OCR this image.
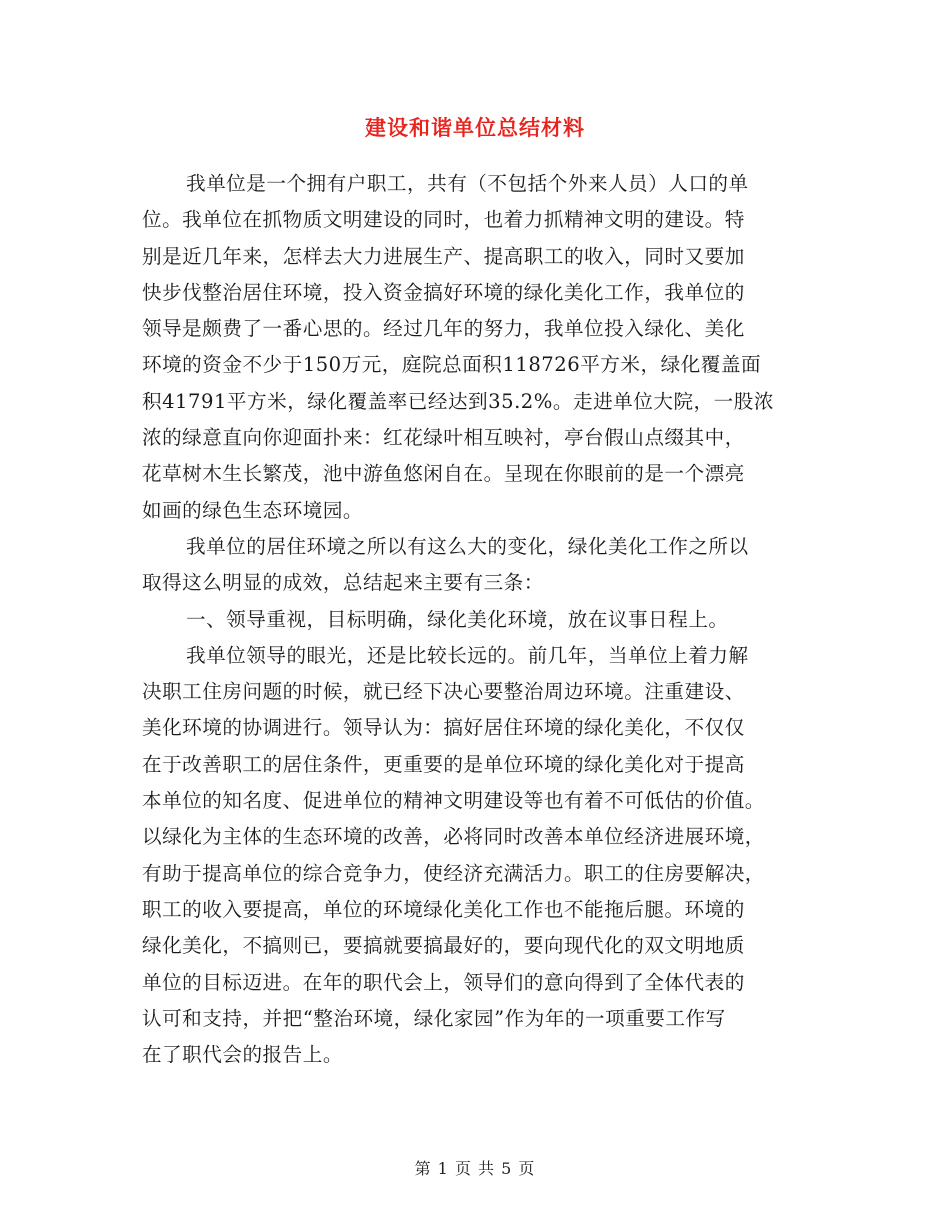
建设和谐单位总结材料
我单位是一个拥有户职工，共有（不包括个外来人员）人口的单
位。我单位在抓物质文明建设的同时，也着力抓精神文明的建设。特
别是近几年来，怎样去大力进展生产、提高职工的收入，同时又要加
快步伐整治居住环境，投入资金搞好环境的绿化美化工作，我单位的
领导是颇费了一番心思的。经过几年的努力，我单位投入绿化、美化
环境的资金不少于150万元，庭院总面积118726平方米，绿化覆盖面
积41791平方米，绿化覆盖率已经达到35.2%。走进单位大院，一股浓
浓的绿意直向你迎面扑来：红花绿叶相互映衬，亭台假山点缀其中，
花草树木生长繁茂，池中游鱼悠闲自在。呈现在你眼前的是一个漂亮
如画的绿色生态环境园。
我单位的居住环境之所以有这么大的变化，绿化美化工作之所以
取得这么明显的成效，总结起来主要有三条：
一、领导重视，目标明确，绿化美化环境，放在议事日程上。
我单位领导的眼光，还是比较长远的。前几年，当单位上着力解
决职工住房问题的时候，就已经下决心要整治周边环境。注重建设、
美化环境的协调进行。领导认为：搞好居住环境的绿化美化，不仅仅
在于改善职工的居住条件，更重要的是单位环境的绿化美化对于提高
本单位的知名度、促进单位的精神文明建设等也有着不可低估的价值。
以绿化为主体的生态环境的改善，必将同时改善本单位经济进展环境，
有助于提高单位的综合竞争力，使经济充满活力。职工的住房要解决，
职工的收入要提高，单位的环境绿化美化工作也不能拖后腿。环境的
绿化美化，不搞则已，要搞就要搞最好的，要向现代化的双文明地质
单位的目标迈进。在年的职代会上，领导们的意向得到了全体代表的
认可和支持，并把“整治环境，绿化家园”作为年的一项重要工作写
在了职代会的报告上。
第 1 页 共 5 页
